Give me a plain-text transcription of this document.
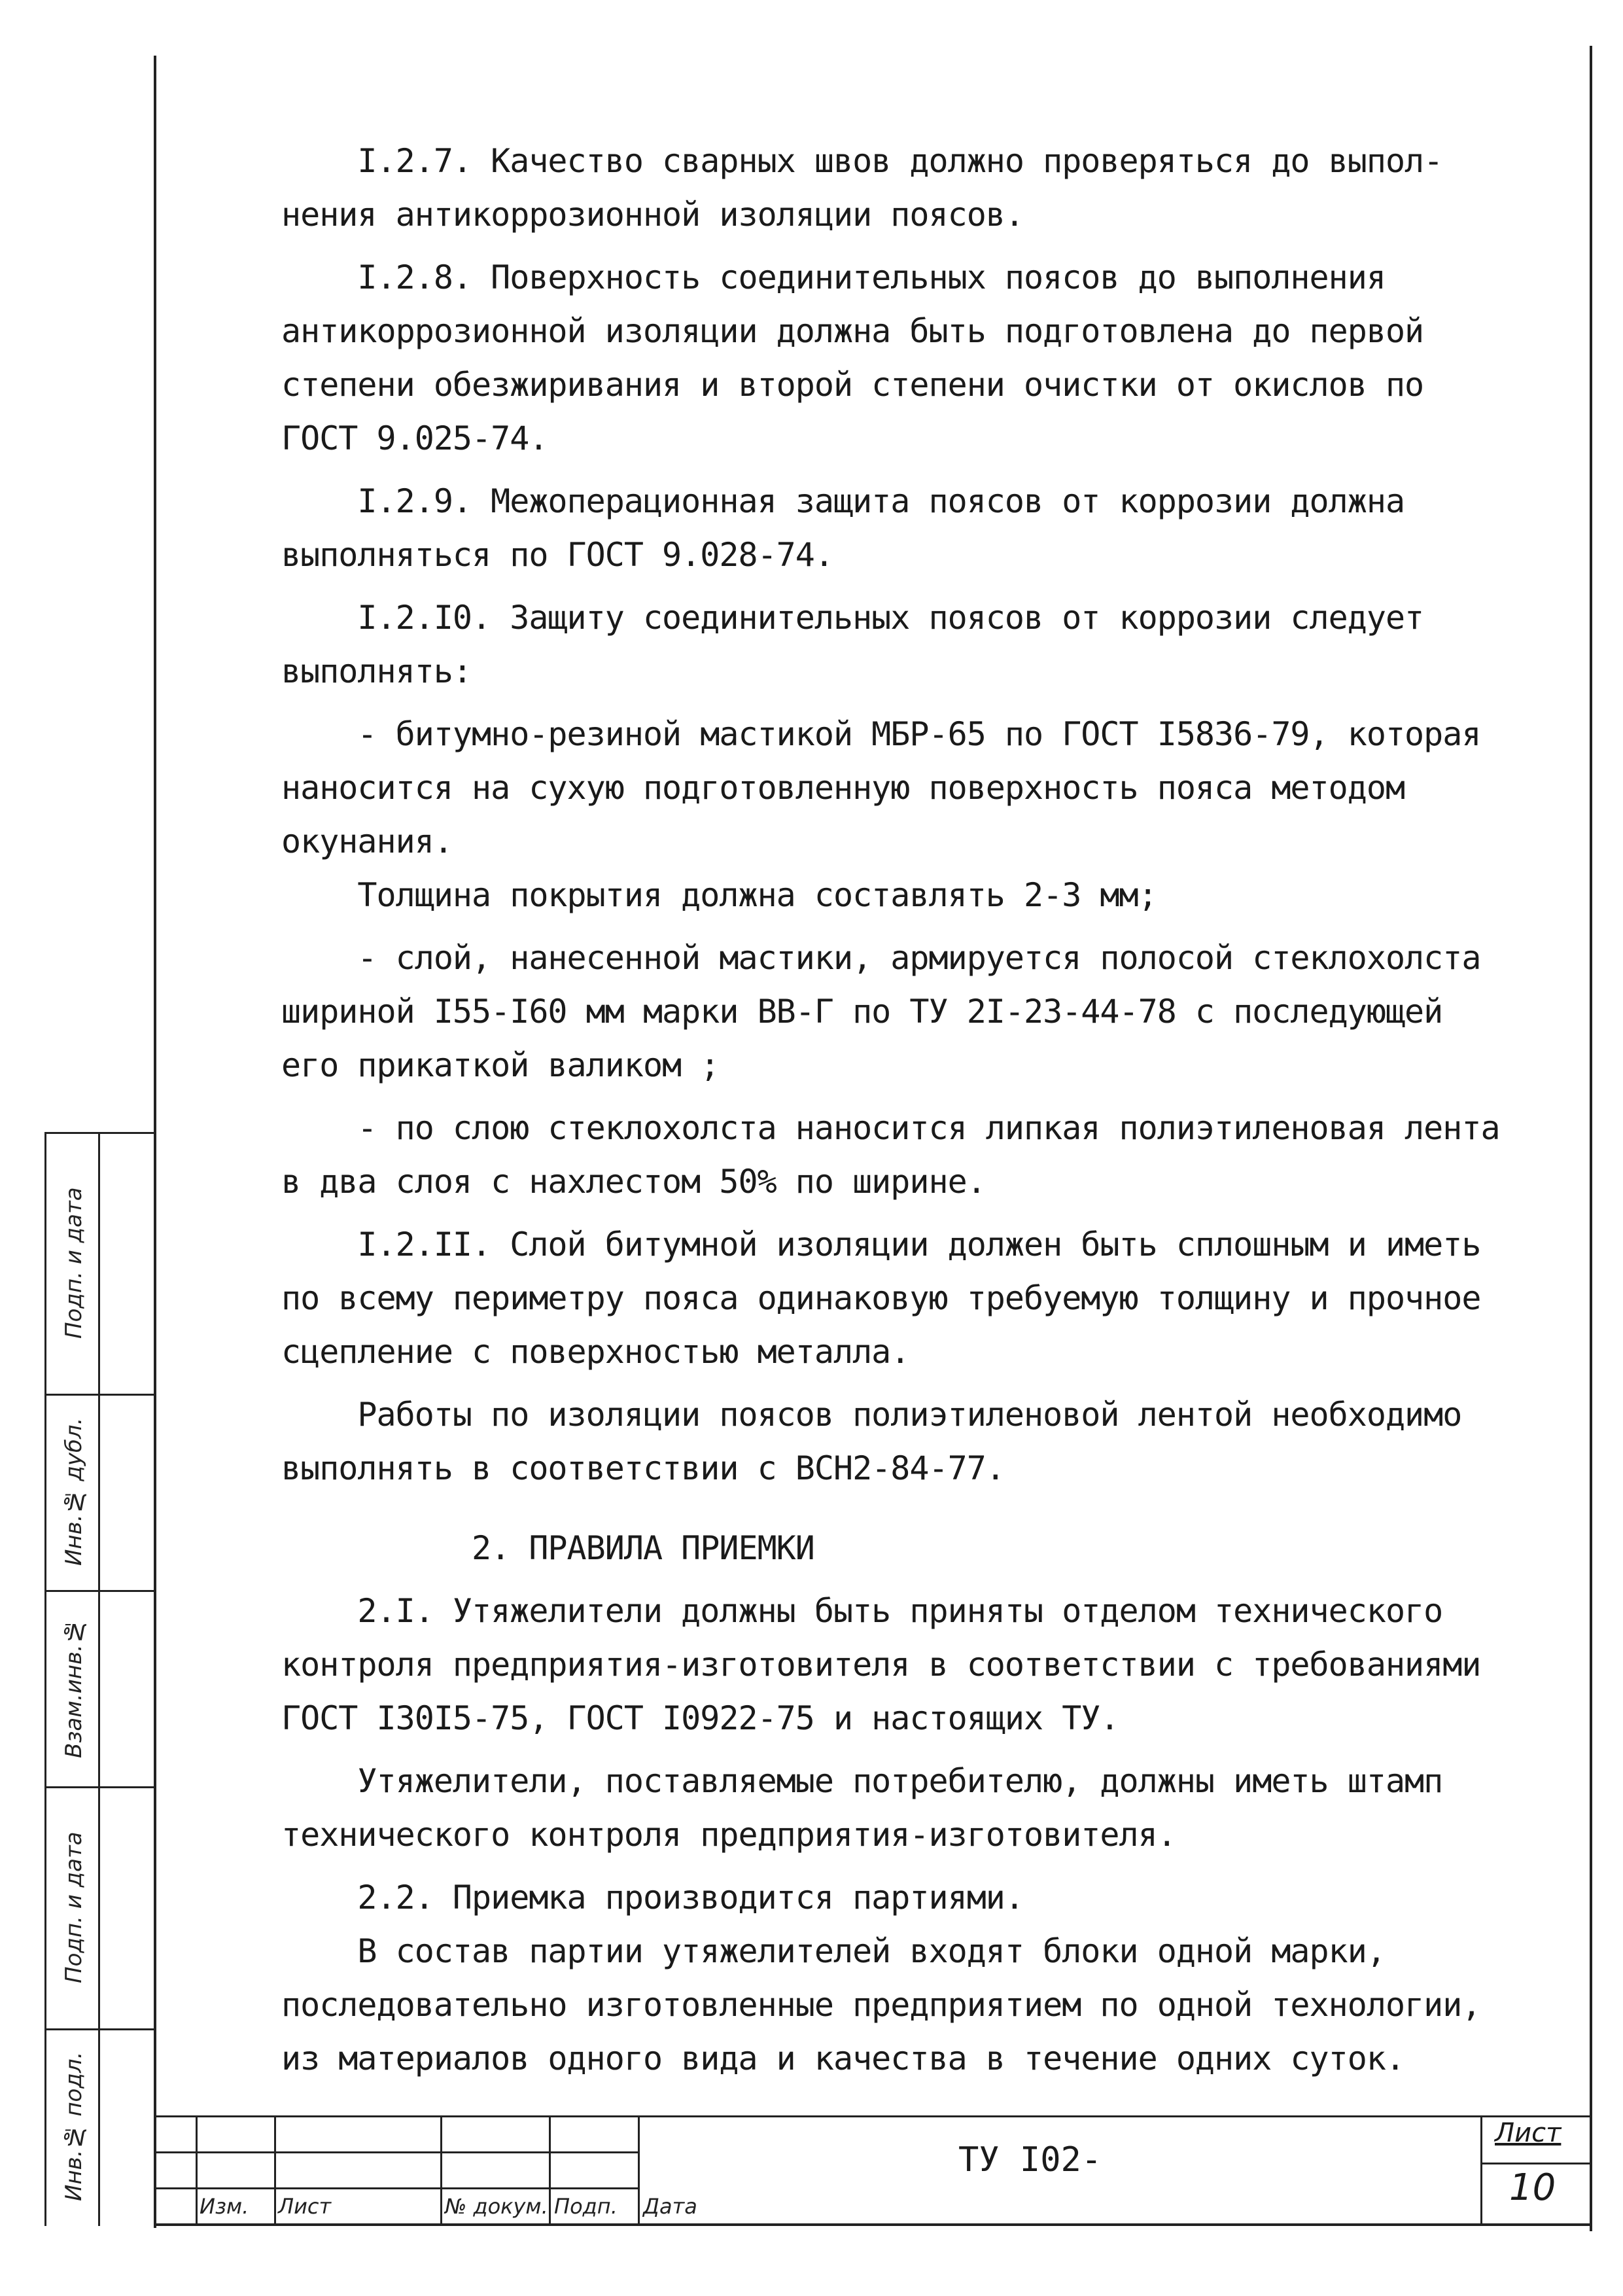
I.2.7. Качество сварных швов должно проверяться до выпол-

нения антикоррозионной изоляции поясов.

I.2.8. Поверхность соединительных поясов до выполнения

антикоррозионной изоляции должна быть подготовлена до первой

степени обезжиривания и второй степени очистки от окислов по

ГОСТ 9.025-74.

I.2.9. Межоперационная защита поясов от коррозии должна

выполняться по ГОСТ 9.028-74.

I.2.I0. Защиту соединительных поясов от коррозии следует

выполнять:

- битумно-резиной мастикой МБР-65 по ГОСТ I5836-79, которая

наносится на сухую подготовленную поверхность пояса методом

окунания.

Толщина покрытия должна составлять 2-3 мм;

- слой, нанесенной мастики, армируется полосой стеклохолста

шириной I55-I60 мм марки ВВ-Г по ТУ 2I-23-44-78 с последующей

его прикаткой валиком ;

- по слою стеклохолста наносится липкая полиэтиленовая лента

в два слоя с нахлестом 50% по ширине.

I.2.II. Слой битумной изоляции должен быть сплошным и иметь

по всему периметру пояса одинаковую требуемую толщину и прочное

сцепление с поверхностью металла.

Работы по изоляции поясов полиэтиленовой лентой необходимо

выполнять в соответствии с ВСН2-84-77.

2. ПРАВИЛА ПРИЕМКИ

2.I. Утяжелители должны быть приняты отделом технического

контроля предприятия-изготовителя в соответствии с требованиями

ГОСТ I30I5-75, ГОСТ I0922-75 и настоящих ТУ.

Утяжелители, поставляемые потребителю, должны иметь штамп

технического контроля предприятия-изготовителя.

2.2. Приемка производится партиями.

В состав партии утяжелителей входят блоки одной марки,

последовательно изготовленные предприятием по одной технологии,

из материалов одного вида и качества в течение одних суток.

Подп. и дата
Инв.№ дубл.
Взам.инв.№
Подп. и дата
Инв.№ подл.
Изм. Лист	№ докум. Подп. Дата
ТУ I02-
Лист
10
